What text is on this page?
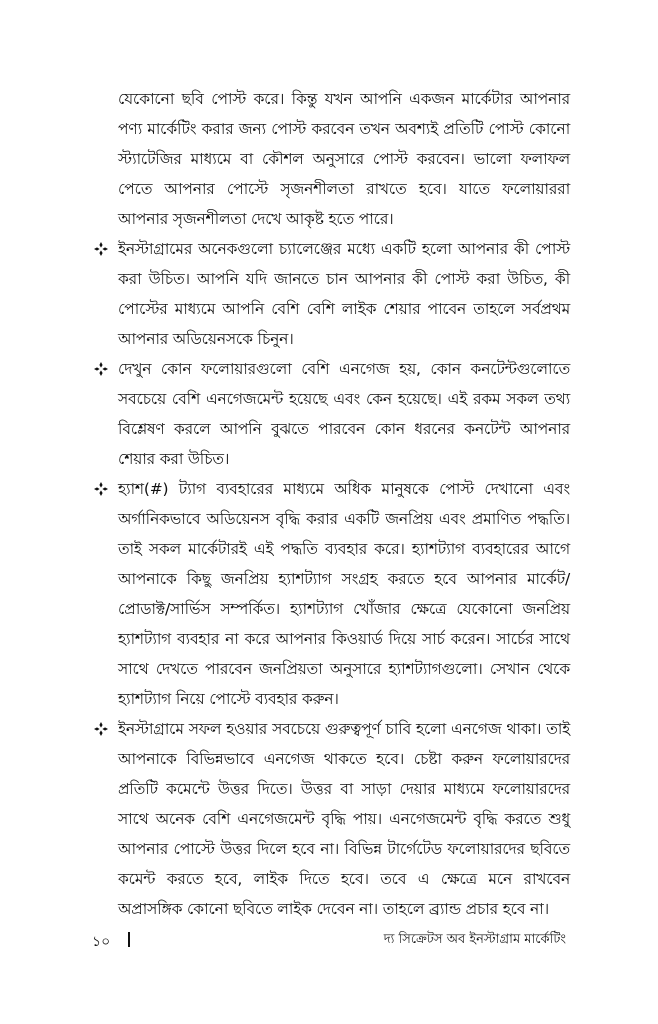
যেকোনো ছবি পোস্ট করে। কিন্তু যখন আপনি একজন মার্কেটার আপনার পণ্য মার্কেটিং করার জন্য পোস্ট করবেন তখন অবশ্যই প্রতিটি পোস্ট কোনো স্ট্যাটেজির মাধ্যমে বা কৌশল অনুসারে পোস্ট করবেন। ভালো ফলাফল পেতে আপনার পোস্টে সৃজনশীলতা রাখতে হবে। যাতে ফলোয়াররা আপনার সৃজনশীলতা দেখে আকৃষ্ট হতে পারে।

ইনস্টাগ্রামের অনেকগুলো চ্যালেঞ্জের মধ্যে একটি হলো আপনার কী পোস্ট করা উচিত। আপনি যদি জানতে চান আপনার কী পোস্ট করা উচিত, কী পোস্টের মাধ্যমে আপনি বেশি বেশি লাইক শেয়ার পাবেন তাহলে সর্বপ্রথম আপনার অডিয়েনসকে চিনুন।

দেখুন কোন ফলোয়ারগুলো বেশি এনগেজ হয়, কোন কনটেন্টগুলোতে সবচেয়ে বেশি এনগেজমেন্ট হয়েছে এবং কেন হয়েছে। এই রকম সকল তথ্য বিশ্লেষণ করলে আপনি বুঝতে পারবেন কোন ধরনের কনটেন্ট আপনার শেয়ার করা উচিত।

হ্যাশ(#) ট্যাগ ব্যবহারের মাধ্যমে অধিক মানুষকে পোস্ট দেখানো এবং অর্গানিকভাবে অডিয়েনস বৃদ্ধি করার একটি জনপ্রিয় এবং প্রমাণিত পদ্ধতি। তাই সকল মার্কেটারই এই পদ্ধতি ব্যবহার করে। হ্যাশট্যাগ ব্যবহারের আগে আপনাকে কিছু জনপ্রিয় হ্যাশট্যাগ সংগ্রহ করতে হবে আপনার মার্কেট/প্রোডাক্ট/সার্ভিস সম্পর্কিত। হ্যাশট্যাগ খোঁজার ক্ষেত্রে যেকোনো জনপ্রিয় হ্যাশট্যাগ ব্যবহার না করে আপনার কিওয়ার্ড দিয়ে সার্চ করেন। সার্চের সাথে সাথে দেখতে পারবেন জনপ্রিয়তা অনুসারে হ্যাশট্যাগগুলো। সেখান থেকে হ্যাশট্যাগ নিয়ে পোস্টে ব্যবহার করুন।

ইনস্টাগ্রামে সফল হওয়ার সবচেয়ে গুরুত্বপূর্ণ চাবি হলো এনগেজ থাকা। তাই আপনাকে বিভিন্নভাবে এনগেজ থাকতে হবে। চেষ্টা করুন ফলোয়ারদের প্রতিটি কমেন্টে উত্তর দিতে। উত্তর বা সাড়া দেয়ার মাধ্যমে ফলোয়ারদের সাথে অনেক বেশি এনগেজমেন্ট বৃদ্ধি পায়। এনগেজমেন্ট বৃদ্ধি করতে শুধু আপনার পোস্টে উত্তর দিলে হবে না। বিভিন্ন টার্গেটেড ফলোয়ারদের ছবিতে কমেন্ট করতে হবে, লাইক দিতে হবে। তবে এ ক্ষেত্রে মনে রাখবেন অপ্রাসঙ্গিক কোনো ছবিতে লাইক দেবেন না। তাহলে ব্র্যান্ড প্রচার হবে না।

১০	দ্য সিক্রেটস অব ইনস্টাগ্রাম মার্কেটিং
